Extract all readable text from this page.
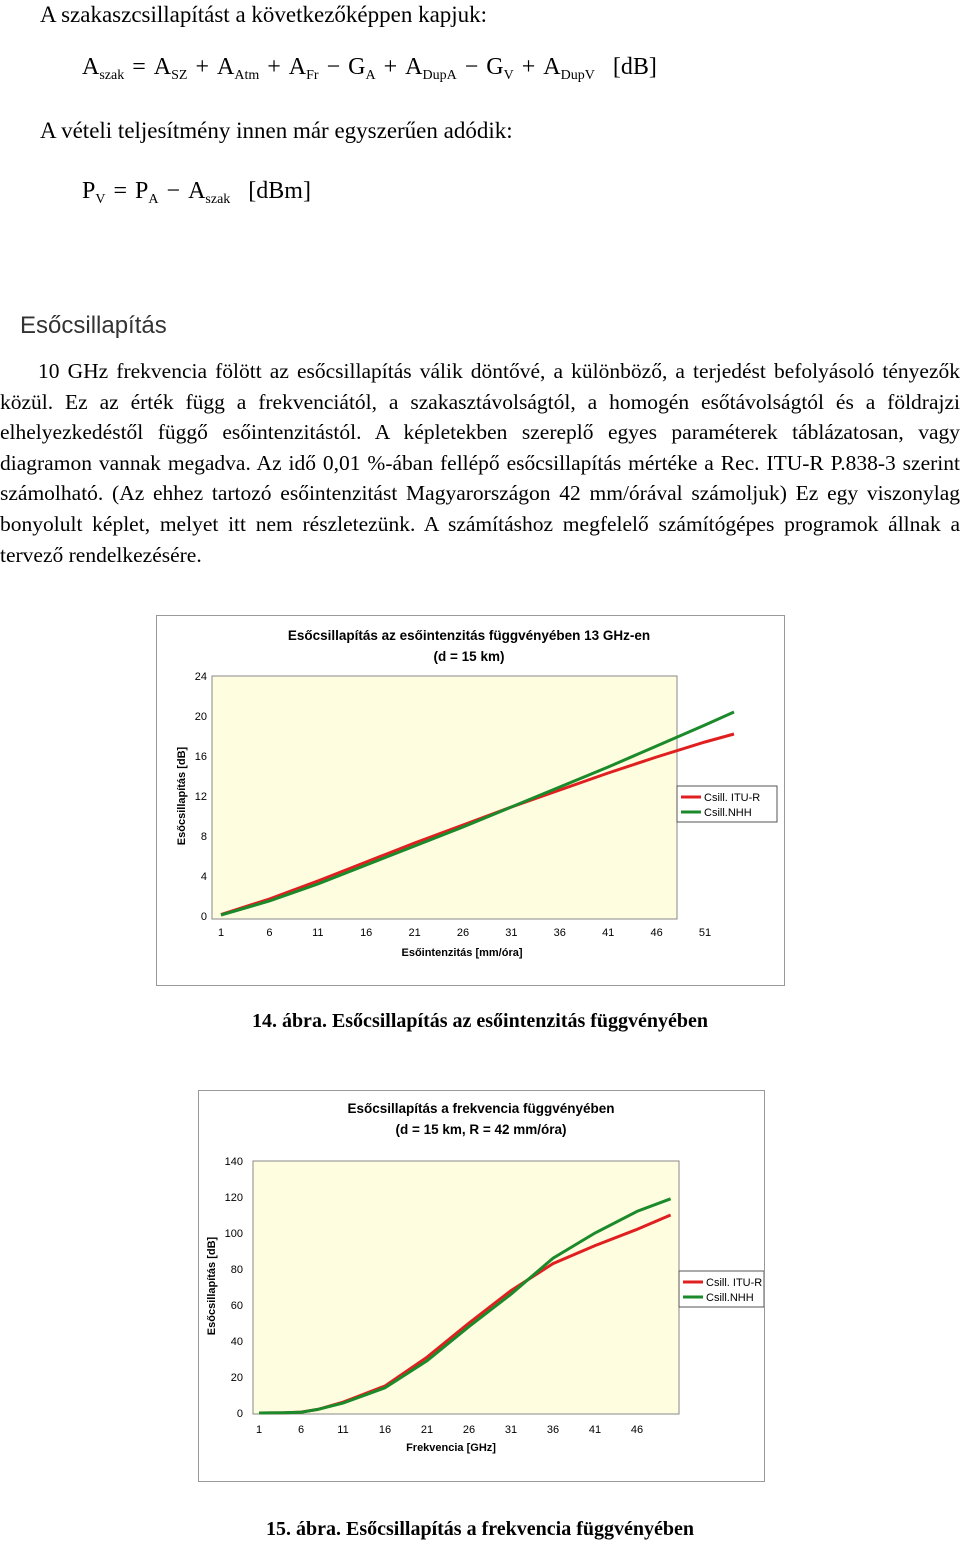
A szakaszcsillapítást a következőképpen kapjuk:
$A_{szak} = A_{SZ} + A_{Atm} + A_{Fr} - G_A + A_{DupA} - G_V + A_{DupV}$ [dB]
A vételi teljesítmény innen már egyszerűen adódik:
$P_V = P_A - A_{szak}$ [dBm]
Esőcsillapítás

10 GHz frekvencia fölött az esőcsillapítás válik döntővé, a különböző, a terjedést befolyásoló tényezők közül. Ez az érték függ a frekvenciától, a szakasztávolságtól, a homogén esőtávolságtól és a földrajzi elhelyezkedéstől függő esőintenzitástól. A képletekben szereplő egyes paraméterek táblázatosan, vagy diagramon vannak megadva. Az idő 0,01 %-ában fellépő esőcsillapítás mértéke a Rec. ITU-R P.838-3 szerint számolható. (Az ehhez tartozó esőintenzitást Magyarországon 42 mm/órával számoljuk) Ez egy viszonylag bonyolult képlet, melyet itt nem részletezünk. A számításhoz megfelelő számítógépes programok állnak a tervező rendelkezésére.

Esőcsillapítás az esőintenzitás függvényében 13 GHz-en
(d = 15 km)
0
4
8
12
16
20
24
1	6	11	16	21	26	31	36	41	46	51
Esőintenzitás [mm/óra]
Esőcsillapítás [dB]	Csill. ITU-R
Csill.NHH
14. ábra. Esőcsillapítás az esőintenzitás függvényében
Esőcsillapítás a frekvencia függvényében
(d = 15 km, R = 42 mm/óra)
0
20
40
60
80
100
120
140
1	6	11	16	21	26	31	36	41	46
Frekvencia [GHz]
Esőcsillapítás [dB]	Csill. ITU-R
Csill.NHH
15. ábra. Esőcsillapítás a frekvencia függvényében
